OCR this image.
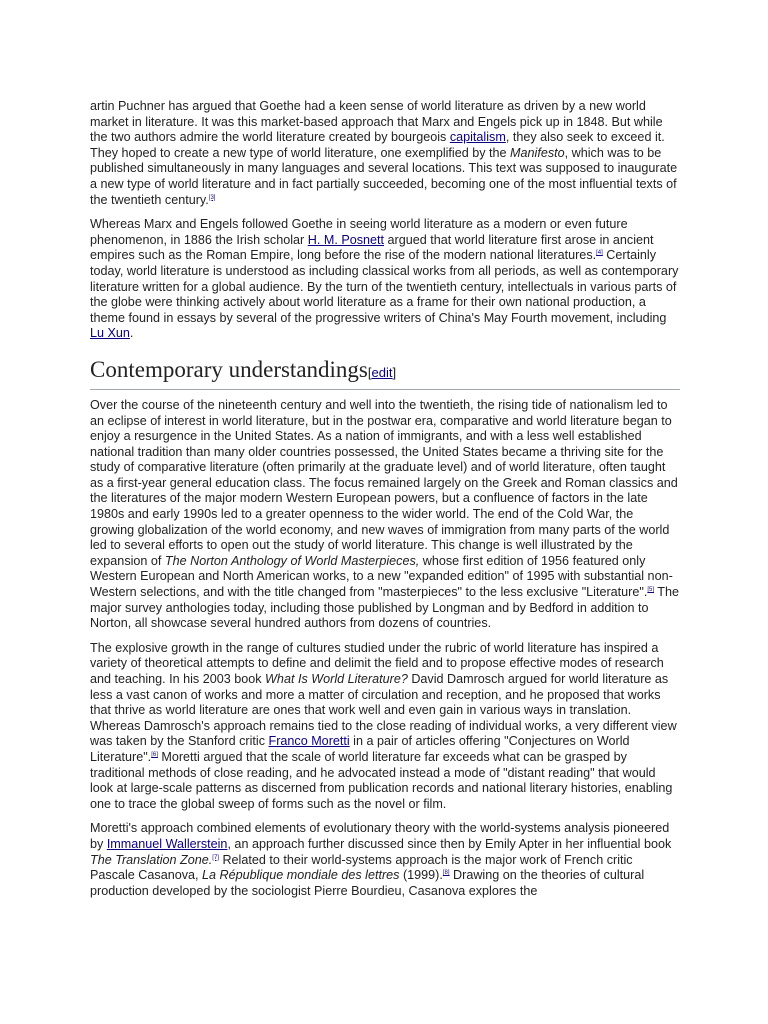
artin Puchner has argued that Goethe had a keen sense of world literature as driven by a new world market in literature. It was this market-based approach that Marx and Engels pick up in 1848. But while the two authors admire the world literature created by bourgeois capitalism, they also seek to exceed it. They hoped to create a new type of world literature, one exemplified by the Manifesto, which was to be published simultaneously in many languages and several locations. This text was supposed to inaugurate a new type of world literature and in fact partially succeeded, becoming one of the most influential texts of the twentieth century.[3]

Whereas Marx and Engels followed Goethe in seeing world literature as a modern or even future phenomenon, in 1886 the Irish scholar H. M. Posnett argued that world literature first arose in ancient empires such as the Roman Empire, long before the rise of the modern national literatures.[4] Certainly today, world literature is understood as including classical works from all periods, as well as contemporary literature written for a global audience. By the turn of the twentieth century, intellectuals in various parts of the globe were thinking actively about world literature as a frame for their own national production, a theme found in essays by several of the progressive writers of China's May Fourth movement, including Lu Xun.

Contemporary understandings[edit]

Over the course of the nineteenth century and well into the twentieth, the rising tide of nationalism led to an eclipse of interest in world literature, but in the postwar era, comparative and world literature began to enjoy a resurgence in the United States. As a nation of immigrants, and with a less well established national tradition than many older countries possessed, the United States became a thriving site for the study of comparative literature (often primarily at the graduate level) and of world literature, often taught as a first-year general education class. The focus remained largely on the Greek and Roman classics and the literatures of the major modern Western European powers, but a confluence of factors in the late 1980s and early 1990s led to a greater openness to the wider world. The end of the Cold War, the growing globalization of the world economy, and new waves of immigration from many parts of the world led to several efforts to open out the study of world literature. This change is well illustrated by the expansion of The Norton Anthology of World Masterpieces, whose first edition of 1956 featured only Western European and North American works, to a new "expanded edition" of 1995 with substantial non-Western selections, and with the title changed from "masterpieces" to the less exclusive "Literature".[5] The major survey anthologies today, including those published by Longman and by Bedford in addition to Norton, all showcase several hundred authors from dozens of countries.

The explosive growth in the range of cultures studied under the rubric of world literature has inspired a variety of theoretical attempts to define and delimit the field and to propose effective modes of research and teaching. In his 2003 book What Is World Literature? David Damrosch argued for world literature as less a vast canon of works and more a matter of circulation and reception, and he proposed that works that thrive as world literature are ones that work well and even gain in various ways in translation. Whereas Damrosch's approach remains tied to the close reading of individual works, a very different view was taken by the Stanford critic Franco Moretti in a pair of articles offering "Conjectures on World Literature".[6] Moretti argued that the scale of world literature far exceeds what can be grasped by traditional methods of close reading, and he advocated instead a mode of "distant reading" that would look at large-scale patterns as discerned from publication records and national literary histories, enabling one to trace the global sweep of forms such as the novel or film.

Moretti's approach combined elements of evolutionary theory with the world-systems analysis pioneered by Immanuel Wallerstein, an approach further discussed since then by Emily Apter in her influential book The Translation Zone.[7] Related to their world-systems approach is the major work of French critic Pascale Casanova, La République mondiale des lettres (1999).[8] Drawing on the theories of cultural production developed by the sociologist Pierre Bourdieu, Casanova explores the
